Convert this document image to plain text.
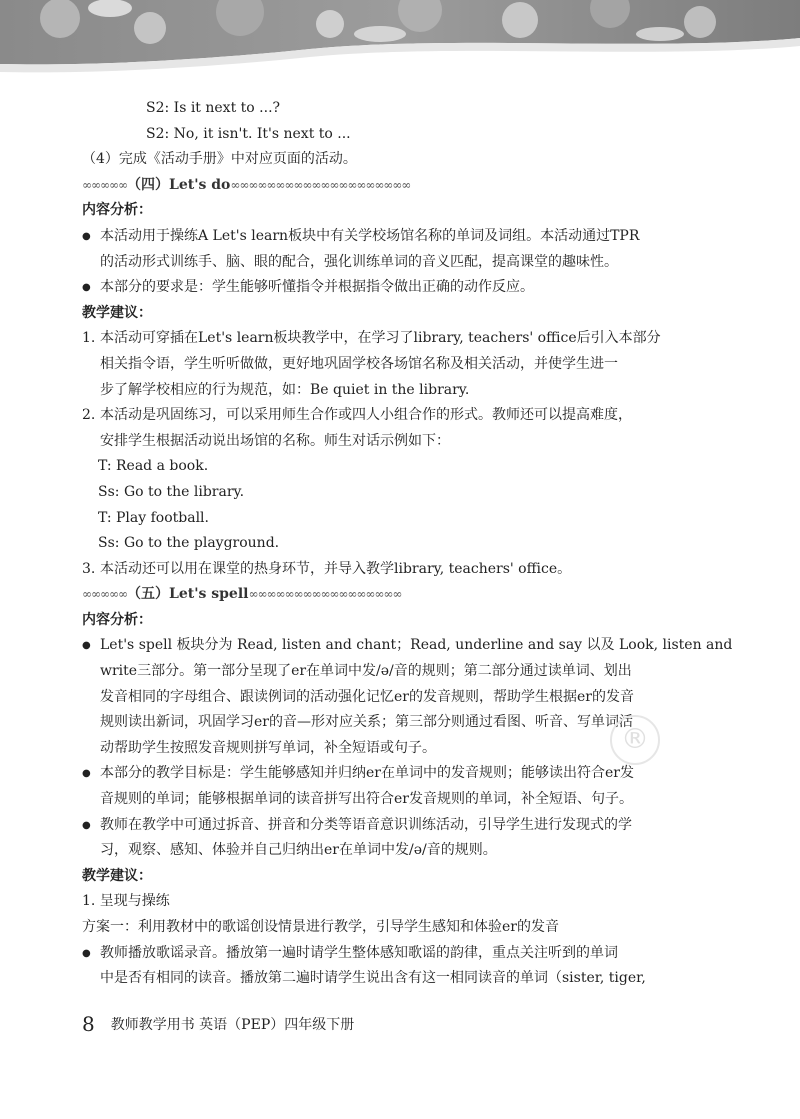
S2: Is it next to ...?
S2: No, it isn't. It's next to ...
（4）完成《活动手册》中对应页面的活动。
∞∞∞∞∞（四）Let's do∞∞∞∞∞∞∞∞∞∞∞∞∞∞∞∞∞∞∞∞
内容分析：
● 本活动用于操练A Let's learn板块中有关学校场馆名称的单词及词组。本活动通过TPR
的活动形式训练手、脑、眼的配合，强化训练单词的音义匹配，提高课堂的趣味性。
● 本部分的要求是：学生能够听懂指令并根据指令做出正确的动作反应。
教学建议：
1. 本活动可穿插在Let's learn板块教学中，在学习了library, teachers' office后引入本部分
相关指令语，学生听听做做，更好地巩固学校各场馆名称及相关活动，并使学生进一
步了解学校相应的行为规范，如：Be quiet in the library.
2. 本活动是巩固练习，可以采用师生合作或四人小组合作的形式。教师还可以提高难度，
安排学生根据活动说出场馆的名称。师生对话示例如下：
T: Read a book.
Ss: Go to the library.
T: Play football.
Ss: Go to the playground.
3. 本活动还可以用在课堂的热身环节，并导入教学library, teachers' office。
∞∞∞∞∞（五）Let's spell∞∞∞∞∞∞∞∞∞∞∞∞∞∞∞∞∞
内容分析：
● Let's spell 板块分为 Read, listen and chant；Read, underline and say 以及 Look, listen and
write三部分。第一部分呈现了er在单词中发/ə/音的规则；第二部分通过读单词、划出
发音相同的字母组合、跟读例词的活动强化记忆er的发音规则，帮助学生根据er的发音
规则读出新词，巩固学习er的音—形对应关系；第三部分则通过看图、听音、写单词活
动帮助学生按照发音规则拼写单词，补全短语或句子。
● 本部分的教学目标是：学生能够感知并归纳er在单词中的发音规则；能够读出符合er发
音规则的单词；能够根据单词的读音拼写出符合er发音规则的单词，补全短语、句子。
● 教师在教学中可通过拆音、拼音和分类等语音意识训练活动，引导学生进行发现式的学
习，观察、感知、体验并自己归纳出er在单词中发/ə/音的规则。
教学建议：
1. 呈现与操练
方案一：利用教材中的歌谣创设情景进行教学，引导学生感知和体验er的发音
● 教师播放歌谣录音。播放第一遍时请学生整体感知歌谣的韵律，重点关注听到的单词
中是否有相同的读音。播放第二遍时请学生说出含有这一相同读音的单词（sister, tiger,
®
8 教师教学用书 英语（PEP）四年级下册
